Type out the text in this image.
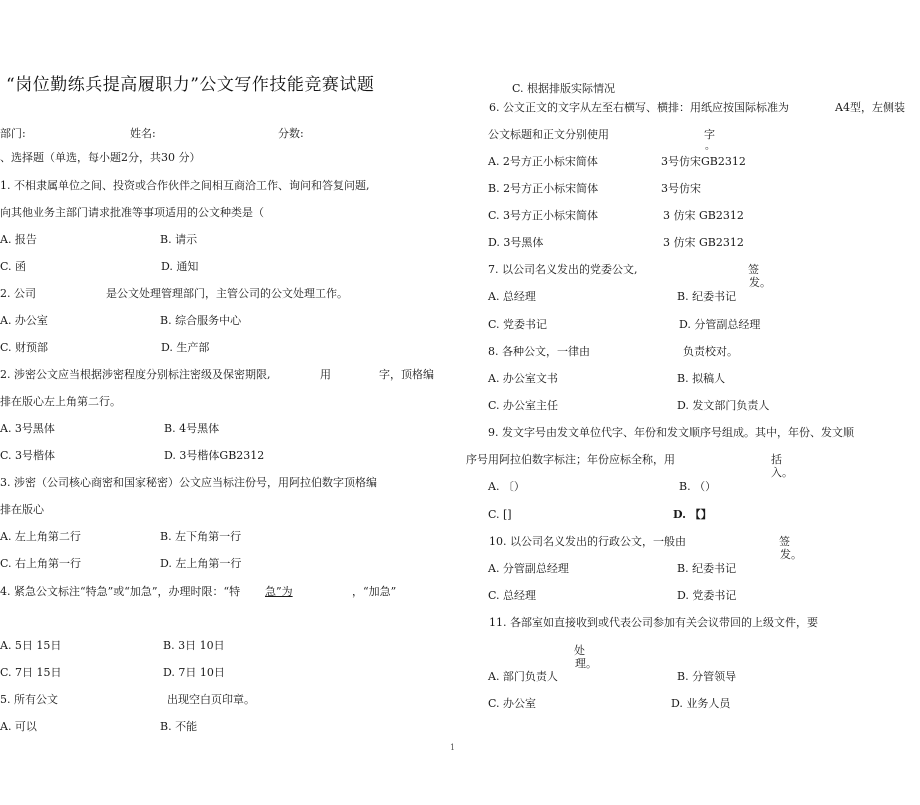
“岗位勤练兵提高履职力”公文写作技能竞赛试题
部门:	姓名:	分数:
、选择题（单选，每小题2分，共30 分）
1. 不相隶属单位之间、投资或合作伙伴之间相互商洽工作、询问和答复问题,
向其他业务主部门请求批准等事项适用的公文种类是（
A. 报告	B. 请示
C. 函	D. 通知
2. 公司	是公文处理管理部门，主管公司的公文处理工作。
A. 办公室	B. 综合服务中心
C. 财预部	D. 生产部
2. 涉密公文应当根据涉密程度分别标注密级及保密期限,	用	字，顶格编
排在版心左上角第二行。
A. 3号黑体	B. 4号黑体
C. 3号楷体	D. 3号楷体GB2312
3. 涉密（公司核心商密和国家秘密）公文应当标注份号，用阿拉伯数字顶格编
排在版心
A. 左上角第二行	B. 左下角第一行
C. 右上角第一行	D. 左上角第一行
4. 紧急公文标注“特急”或“加急”，办理时限：“特 急”为	，“加急”
A. 5日 15日	B. 3日 10日
C. 7日 15日	D. 7日 10日
5. 所有公文	出现空白页印章。
A. 可以	B. 不能
C. 根据排版实际情况
6. 公文正文的文字从左至右横写、横排：用纸应按国际标准为	A4型，左侧装
公文标题和正文分别使用	字
。
A. 2号方正小标宋简体	3号仿宋GB2312
B. 2号方正小标宋简体	3号仿宋
C. 3号方正小标宋简体	3 仿宋 GB2312
D. 3号黑体	3 仿宋 GB2312
7. 以公司名义发出的党委公文,	签
发。
A. 总经理	B. 纪委书记
C. 党委书记	D. 分管副总经理
8. 各种公文，一律由	负责校对。
A. 办公室文书	B. 拟稿人
C. 办公室主任	D. 发文部门负责人
9. 发文字号由发文单位代字、年份和发文顺序号组成。其中，年份、发文顺
序号用阿拉伯数字标注；年份应标全称，用	括
入。
A. 〔）	B. （）
C. []	D. 【】
10. 以公司名义发出的行政公文，一般由	签
发。
A. 分管副总经理	B. 纪委书记
C. 总经理	D. 党委书记
11. 各部室如直接收到或代表公司参加有关会议带回的上级文件，要
处
理。
A. 部门负责人	B. 分管领导
C. 办公室	D. 业务人员
1
